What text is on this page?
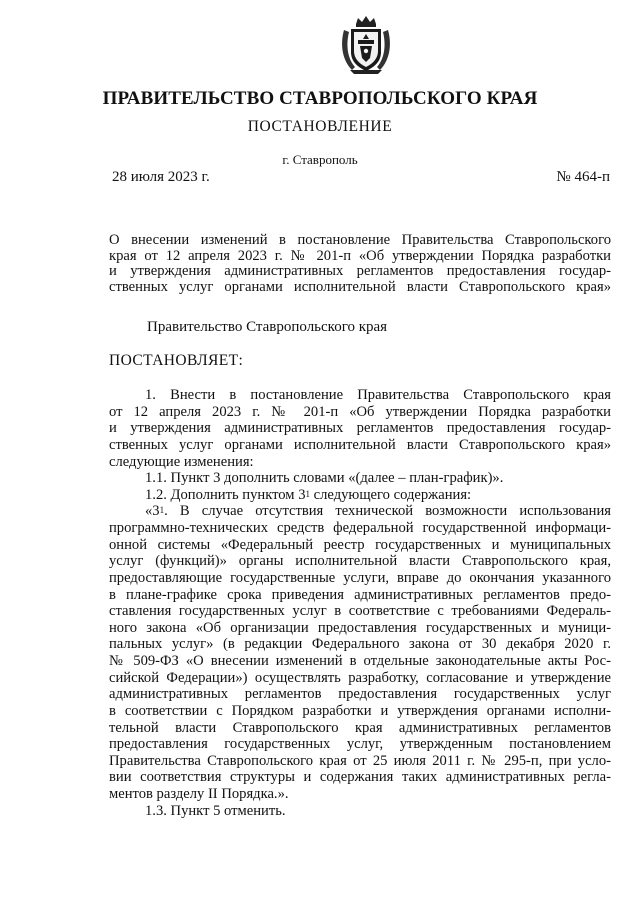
ПРАВИТЕЛЬСТВО СТАВРОПОЛЬСКОГО КРАЯ
ПОСТАНОВЛЕНИЕ
г. Ставрополь
28 июля 2023 г.	№ 464-п
О внесении изменений в постановление Правительства Ставропольского
края от 12 апреля 2023 г. № 201-п «Об утверждении Порядка разработки
и утверждения административных регламентов предоставления государ-
ственных услуг органами исполнительной власти Ставропольского края»
Правительство Ставропольского края
ПОСТАНОВЛЯЕТ:
1. Внести в постановление Правительства Ставропольского края
от 12 апреля 2023 г. № 201-п «Об утверждении Порядка разработки
и утверждения административных регламентов предоставления государ-
ственных услуг органами исполнительной власти Ставропольского края»
следующие изменения:
1.1. Пункт 3 дополнить словами «(далее – план-график)».
1.2. Дополнить пунктом $3^1$ следующего содержания:
«$3^1$. В случае отсутствия технической возможности использования
программно-технических средств федеральной государственной информаци-
онной системы «Федеральный реестр государственных и муниципальных
услуг (функций)» органы исполнительной власти Ставропольского края,
предоставляющие государственные услуги, вправе до окончания указанного
в плане-графике срока приведения административных регламентов предо-
ставления государственных услуг в соответствие с требованиями Федераль-
ного закона «Об организации предоставления государственных и муници-
пальных услуг» (в редакции Федерального закона от 30 декабря 2020 г.
№ 509-ФЗ «О внесении изменений в отдельные законодательные акты Рос-
сийской Федерации») осуществлять разработку, согласование и утверждение
административных регламентов предоставления государственных услуг
в соответствии с Порядком разработки и утверждения органами исполни-
тельной власти Ставропольского края административных регламентов
предоставления государственных услуг, утвержденным постановлением
Правительства Ставропольского края от 25 июля 2011 г. № 295-п, при усло-
вии соответствия структуры и содержания таких административных регла-
ментов разделу II Порядка.».
1.3. Пункт 5 отменить.
